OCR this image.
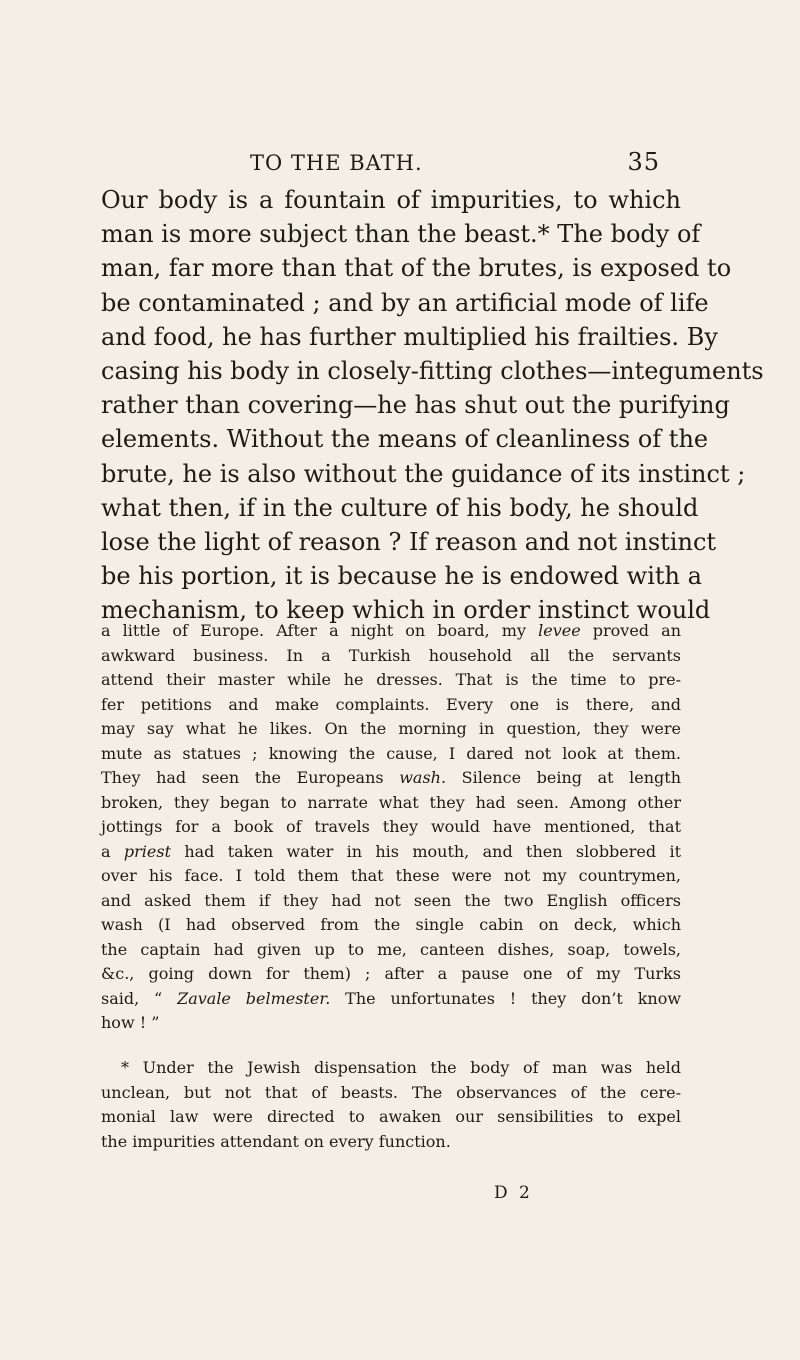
TO THE BATH.	35
Our body is a fountain of impurities, to which
man is more subject than the beast.* The body of
man, far more than that of the brutes, is exposed to
be contaminated ; and by an artificial mode of life
and food, he has further multiplied his frailties. By
casing his body in closely-fitting clothes—integuments
rather than covering—he has shut out the purifying
elements. Without the means of cleanliness of the
brute, he is also without the guidance of its instinct ;
what then, if in the culture of his body, he should
lose the light of reason ? If reason and not instinct
be his portion, it is because he is endowed with a
mechanism, to keep which in order instinct would
a little of Europe. After a night on board, my levee proved an
awkward business. In a Turkish household all the servants
attend their master while he dresses. That is the time to pre-
fer petitions and make complaints. Every one is there, and
may say what he likes. On the morning in question, they were
mute as statues ; knowing the cause, I dared not look at them.
They had seen the Europeans wash. Silence being at length
broken, they began to narrate what they had seen. Among other
jottings for a book of travels they would have mentioned, that
a priest had taken water in his mouth, and then slobbered it
over his face. I told them that these were not my countrymen,
and asked them if they had not seen the two English officers
wash (I had observed from the single cabin on deck, which
the captain had given up to me, canteen dishes, soap, towels,
&c., going down for them) ; after a pause one of my Turks
said, “ Zavale belmester. The unfortunates ! they don’t know
how ! ”
* Under the Jewish dispensation the body of man was held
unclean, but not that of beasts. The observances of the cere-
monial law were directed to awaken our sensibilities to expel
the impurities attendant on every function.
D 2
